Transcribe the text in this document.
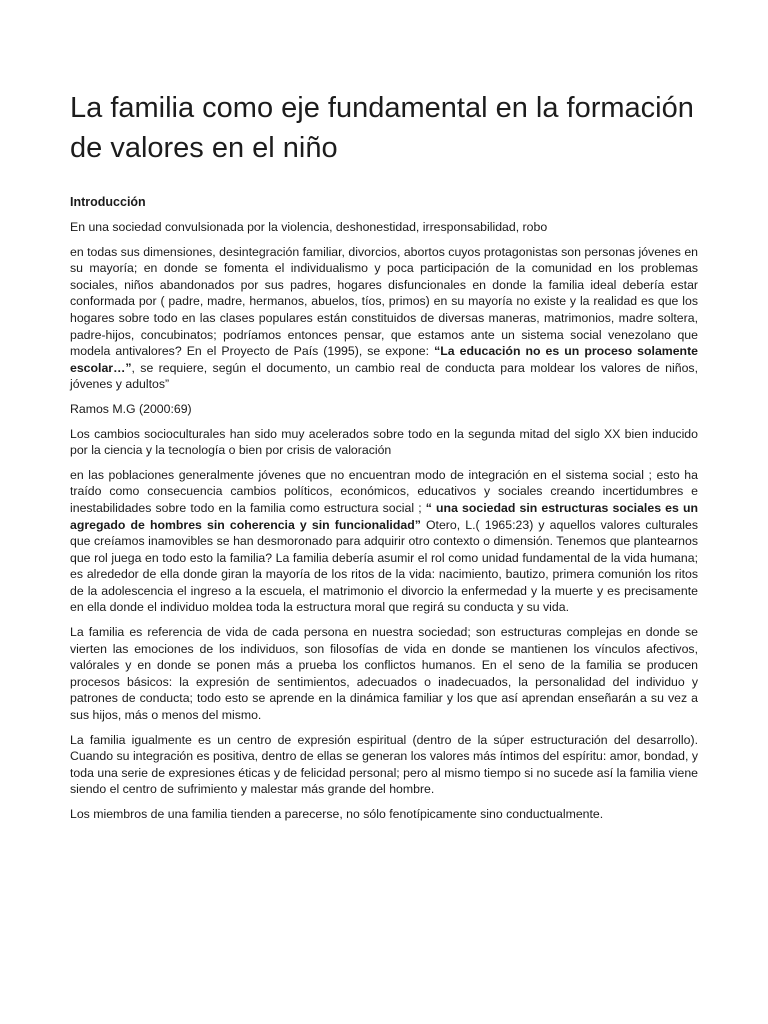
La familia como eje fundamental en la formación de valores en el niño
Introducción

En una sociedad convulsionada por la violencia, deshonestidad, irresponsabilidad, robo

en todas sus dimensiones, desintegración familiar, divorcios, abortos cuyos protagonistas son personas jóvenes en su mayoría; en donde se fomenta el individualismo y poca participación de la comunidad en los problemas sociales, niños abandonados por sus padres, hogares disfuncionales en donde la familia ideal debería estar conformada por ( padre, madre, hermanos, abuelos, tíos, primos) en su mayoría no existe y la realidad es que los hogares sobre todo en las clases populares están constituidos de diversas maneras, matrimonios, madre soltera, padre-hijos, concubinatos; podríamos entonces pensar, que estamos ante un sistema social venezolano que modela antivalores? En el Proyecto de País (1995), se expone: “La educación no es un proceso solamente escolar…”, se requiere, según el documento, un cambio real de conducta para moldear los valores de niños, jóvenes y adultos”

Ramos M.G (2000:69)

Los cambios socioculturales han sido muy acelerados sobre todo en la segunda mitad del siglo XX bien inducido por la ciencia y la tecnología o bien por crisis de valoración

en las poblaciones generalmente jóvenes que no encuentran modo de integración en el sistema social ; esto ha traído como consecuencia cambios políticos, económicos, educativos y sociales creando incertidumbres e inestabilidades sobre todo en la familia como estructura social ; “ una sociedad sin estructuras sociales es un agregado de hombres sin coherencia y sin funcionalidad” Otero, L.( 1965:23) y aquellos valores culturales que creíamos inamovibles se han desmoronado para adquirir otro contexto o dimensión. Tenemos que plantearnos que rol juega en todo esto la familia? La familia debería asumir el rol como unidad fundamental de la vida humana; es alrededor de ella donde giran la mayoría de los ritos de la vida: nacimiento, bautizo, primera comunión los ritos de la adolescencia el ingreso a la escuela, el matrimonio el divorcio la enfermedad y la muerte y es precisamente en ella donde el individuo moldea toda la estructura moral que regirá su conducta y su vida.

La familia es referencia de vida de cada persona en nuestra sociedad; son estructuras complejas en donde se vierten las emociones de los individuos, son filosofías de vida en donde se mantienen los vínculos afectivos, valórales y en donde se ponen más a prueba los conflictos humanos. En el seno de la familia se producen procesos básicos: la expresión de sentimientos, adecuados o inadecuados, la personalidad del individuo y patrones de conducta; todo esto se aprende en la dinámica familiar y los que así aprendan enseñarán a su vez a sus hijos, más o menos del mismo.

La familia igualmente es un centro de expresión espiritual (dentro de la súper estructuración del desarrollo). Cuando su integración es positiva, dentro de ellas se generan los valores más íntimos del espíritu: amor, bondad, y toda una serie de expresiones éticas y de felicidad personal; pero al mismo tiempo si no sucede así la familia viene siendo el centro de sufrimiento y malestar más grande del hombre.

Los miembros de una familia tienden a parecerse, no sólo fenotípicamente sino conductualmente.
